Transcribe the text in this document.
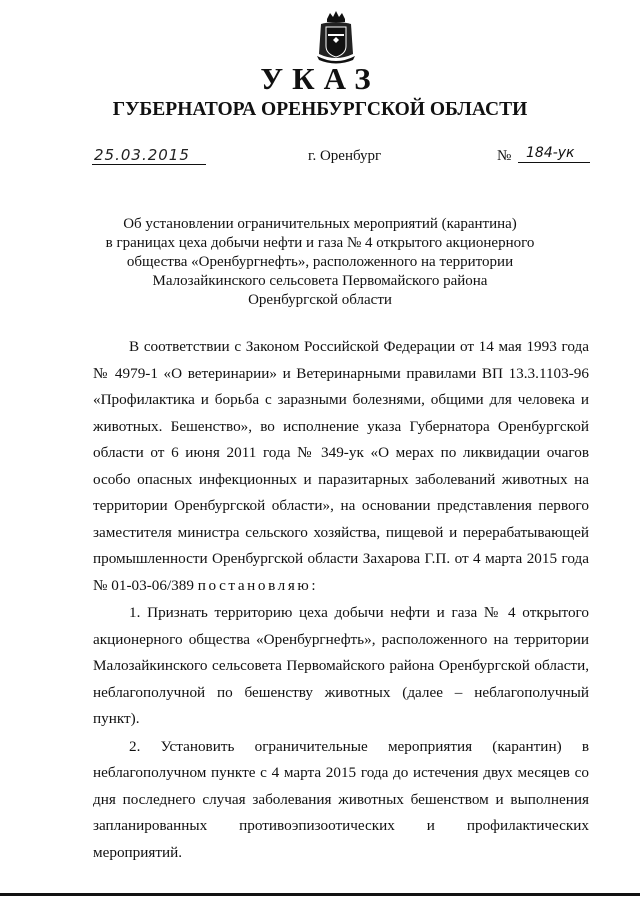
УКАЗ
ГУБЕРНАТОРА ОРЕНБУРГСКОЙ ОБЛАСТИ
25.03.2015	г. Оренбург	№	184-ук
Об установлении ограничительных мероприятий (карантина)
в границах цеха добычи нефти и газа № 4 открытого акционерного
общества «Оренбургнефть», расположенного на территории
Малозайкинского сельсовета Первомайского района
Оренбургской области

В соответствии с Законом Российской Федерации от 14 мая 1993 года № 4979-1 «О ветеринарии» и Ветеринарными правилами ВП 13.3.1103-96 «Профилактика и борьба с заразными болезнями, общими для человека и животных. Бешенство», во исполнение указа Губернатора Оренбургской области от 6 июня 2011 года № 349-ук «О мерах по ликвидации очагов особо опасных инфекционных и паразитарных заболеваний животных на территории Оренбургской области», на основании представления первого заместителя министра сельского хозяйства, пищевой и перерабатывающей промышленности Оренбургской области Захарова Г.П. от 4 марта 2015 года № 01-03-06/389 постановляю:

1. Признать территорию цеха добычи нефти и газа № 4 открытого акционерного общества «Оренбургнефть», расположенного на территории Малозайкинского сельсовета Первомайского района Оренбургской области, неблагополучной по бешенству животных (далее – неблагополучный пункт).

2. Установить ограничительные мероприятия (карантин) в неблагополучном пункте с 4 марта 2015 года до истечения двух месяцев со дня последнего случая заболевания животных бешенством и выполнения запланированных противоэпизоотических и профилактических мероприятий.
